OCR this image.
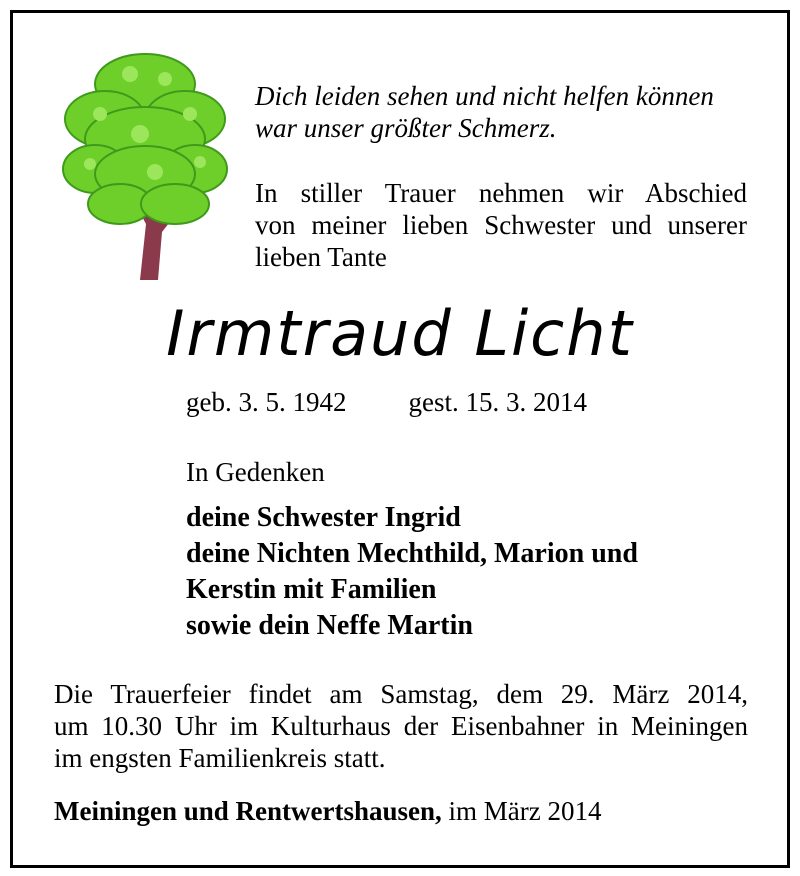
Dich leiden sehen und nicht helfen können
war unser größter Schmerz.
In stiller Trauer nehmen wir Abschied
von meiner lieben Schwester und unserer
lieben Tante
Irmtraud Licht
geb. 3. 5. 1942 gest. 15. 3. 2014
In Gedenken
deine Schwester Ingrid
deine Nichten Mechthild, Marion und
Kerstin mit Familien
sowie dein Neffe Martin
Die Trauerfeier findet am Samstag, dem 29. März 2014,
um 10.30 Uhr im Kulturhaus der Eisenbahner in Meiningen
im engsten Familienkreis statt.
Meiningen und Rentwertshausen, im März 2014
